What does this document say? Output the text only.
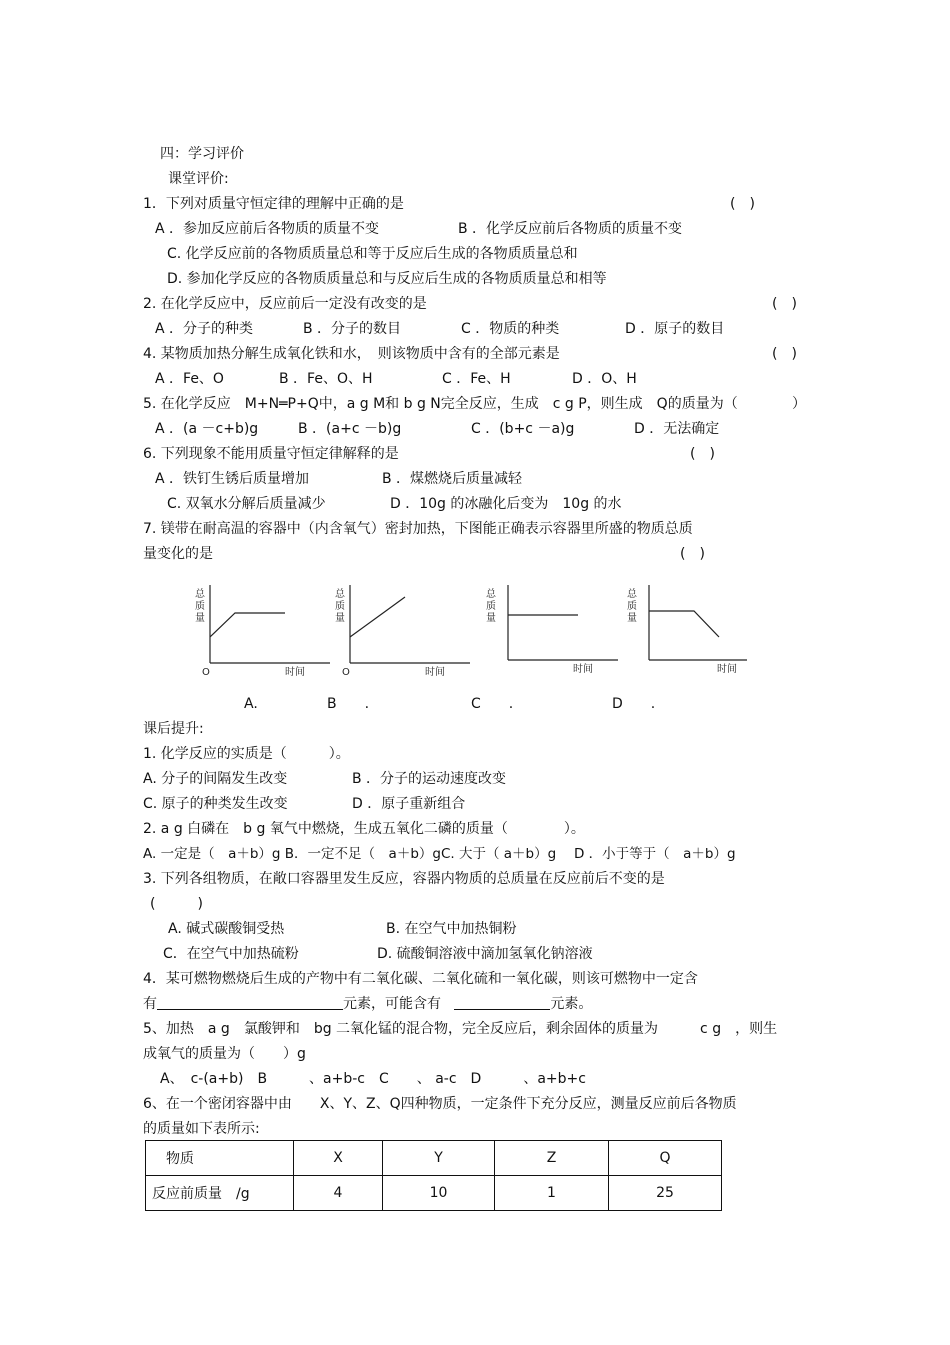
四：学习评价
课堂评价:
1．下列对质量守恒定律的理解中正确的是	(　)
A ．参加反应前后各物质的质量不变	B ．化学反应前后各物质的质量不变
C. 化学反应前的各物质质量总和等于反应后生成的各物质质量总和
D. 参加化学反应的各物质质量总和与反应后生成的各物质质量总和相等
2. 在化学反应中，反应前后一定没有改变的是	(　)
A ．分子的种类	B ．分子的数目	C ．物质的种类	D ．原子的数目
4. 某物质加热分解生成氧化铁和水，　则该物质中含有的全部元素是	(　)
A ．Fe、O	B ．Fe、O、H	C ．Fe、H	D ．O、H
5. 在化学反应　M+N═P+Q中，a g M和 b g N完全反应，生成　c g P，则生成　Q的质量为（	）
A ．(a －c+b)g	B ．(a+c －b)g	C ．(b+c －a)g	D ．无法确定
6. 下列现象不能用质量守恒定律解释的是	(　)
A ．铁钉生锈后质量增加	B ．煤燃烧后质量减轻
C. 双氧水分解后质量减少	D ．10g 的冰融化后变为　10g 的水
7. 镁带在耐高温的容器中（内含氧气）密封加热，下图能正确表示容器里所盛的物质总质
量变化的是	(　)
总
质
量
O	时间
总
质
量
O	时间
总
质
量
时间
总
质
量
时间
A.	B　　.	C　　.	D　　.
课后提升:
1. 化学反应的实质是（　　　）。
A. 分子的间隔发生改变	B ．分子的运动速度改变
C. 原子的种类发生改变	D ．原子重新组合
2. a g 白磷在　b g 氧气中燃烧，生成五氧化二磷的质量（　　　　）。
A. 一定是（　a＋b）g B．一定不足（　a＋b）gC. 大于（ a＋b）g　 D ．小于等于（　a＋b）g
3. 下列各组物质，在敞口容器里发生反应，容器内物质的总质量在反应前后不变的是
(　　　)
A. 碱式碳酸铜受热	B. 在空气中加热铜粉
C．在空气中加热硫粉	D. 硫酸铜溶液中滴加氢氧化钠溶液
4．某可燃物燃烧后生成的产物中有二氧化碳、二氧化硫和一氧化碳，则该可燃物中一定含
有	元素，可能含有	元素。
5、加热　a g　氯酸钾和　bg 二氧化锰的混合物，完全反应后，剩余固体的质量为　　　c g　，则生
成氧气的质量为（　　）g
A、　c-(a+b)　B　　　、a+b-c　C　　、 a-c　D　　　、a+b+c
6、在一个密闭容器中由　　X、Y、Z、Q四种物质，一定条件下充分反应，测量反应前后各物质
的质量如下表所示:
物质	X	Y	Z	Q
反应前质量　/g	4	10	1	25
